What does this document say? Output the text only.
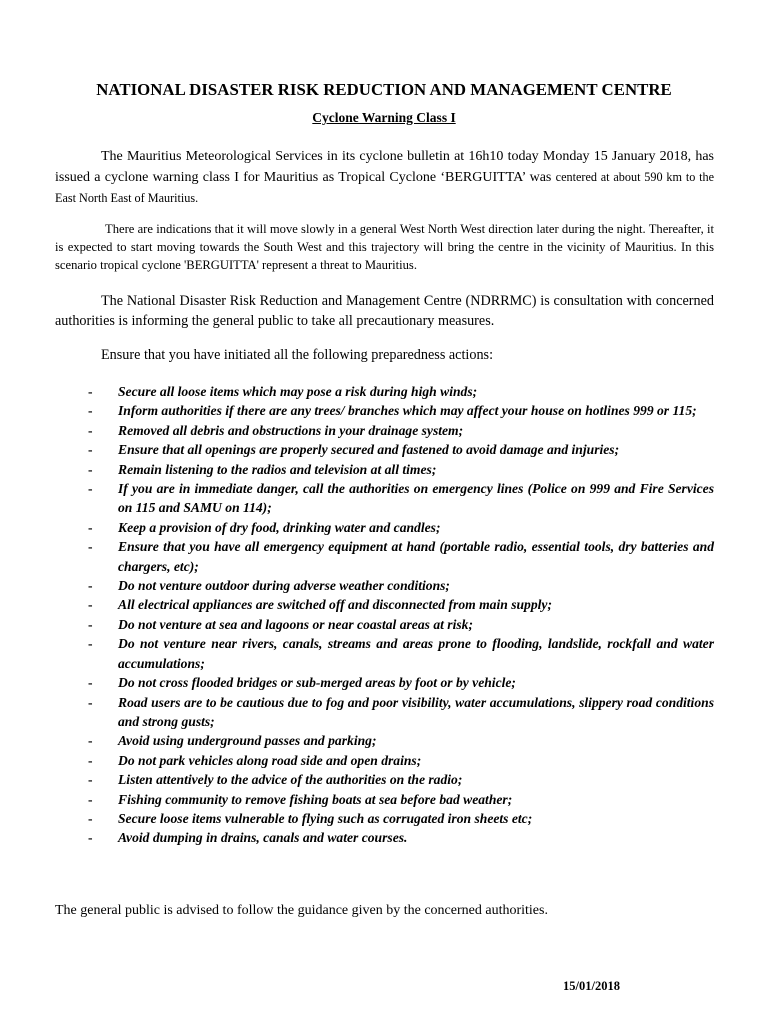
NATIONAL DISASTER RISK REDUCTION AND MANAGEMENT CENTRE
Cyclone Warning Class I

The Mauritius Meteorological Services in its cyclone bulletin at 16h10 today Monday 15 January 2018, has issued a cyclone warning class I for Mauritius as Tropical Cyclone ‘BERGUITTA’ was centered at about 590 km to the East North East of Mauritius.

There are indications that it will move slowly in a general West North West direction later during the night. Thereafter, it is expected to start moving towards the South West and this trajectory will bring the centre in the vicinity of Mauritius. In this scenario tropical cyclone 'BERGUITTA' represent a threat to Mauritius.

The National Disaster Risk Reduction and Management Centre (NDRRMC) is consultation with concerned authorities is informing the general public to take all precautionary measures.

Ensure that you have initiated all the following preparedness actions:

-	Secure all loose items which may pose a risk during high winds;
-	Inform authorities if there are any trees/ branches which may affect your house on hotlines 999 or 115;
-	Removed all debris and obstructions in your drainage system;
-	Ensure that all openings are properly secured and fastened to avoid damage and injuries;
-	Remain listening to the radios and television at all times;
-	If you are in immediate danger, call the authorities on emergency lines (Police on 999 and Fire Services on 115 and SAMU on 114);
-	Keep a provision of dry food, drinking water and candles;
-	Ensure that you have all emergency equipment at hand (portable radio, essential tools, dry batteries and chargers, etc);
-	Do not venture outdoor during adverse weather conditions;
-	All electrical appliances are switched off and disconnected from main supply;
-	Do not venture at sea and lagoons or near coastal areas at risk;
-	Do not venture near rivers, canals, streams and areas prone to flooding, landslide, rockfall and water accumulations;
-	Do not cross flooded bridges or sub-merged areas by foot or by vehicle;
-	Road users are to be cautious due to fog and poor visibility, water accumulations, slippery road conditions and strong gusts;
-	Avoid using underground passes and parking;
-	Do not park vehicles along road side and open drains;
-	Listen attentively to the advice of the authorities on the radio;
-	Fishing community to remove fishing boats at sea before bad weather;
-	Secure loose items vulnerable to flying such as corrugated iron sheets etc;
-	Avoid dumping in drains, canals and water courses.

The general public is advised to follow the guidance given by the concerned authorities.

15/01/2018
